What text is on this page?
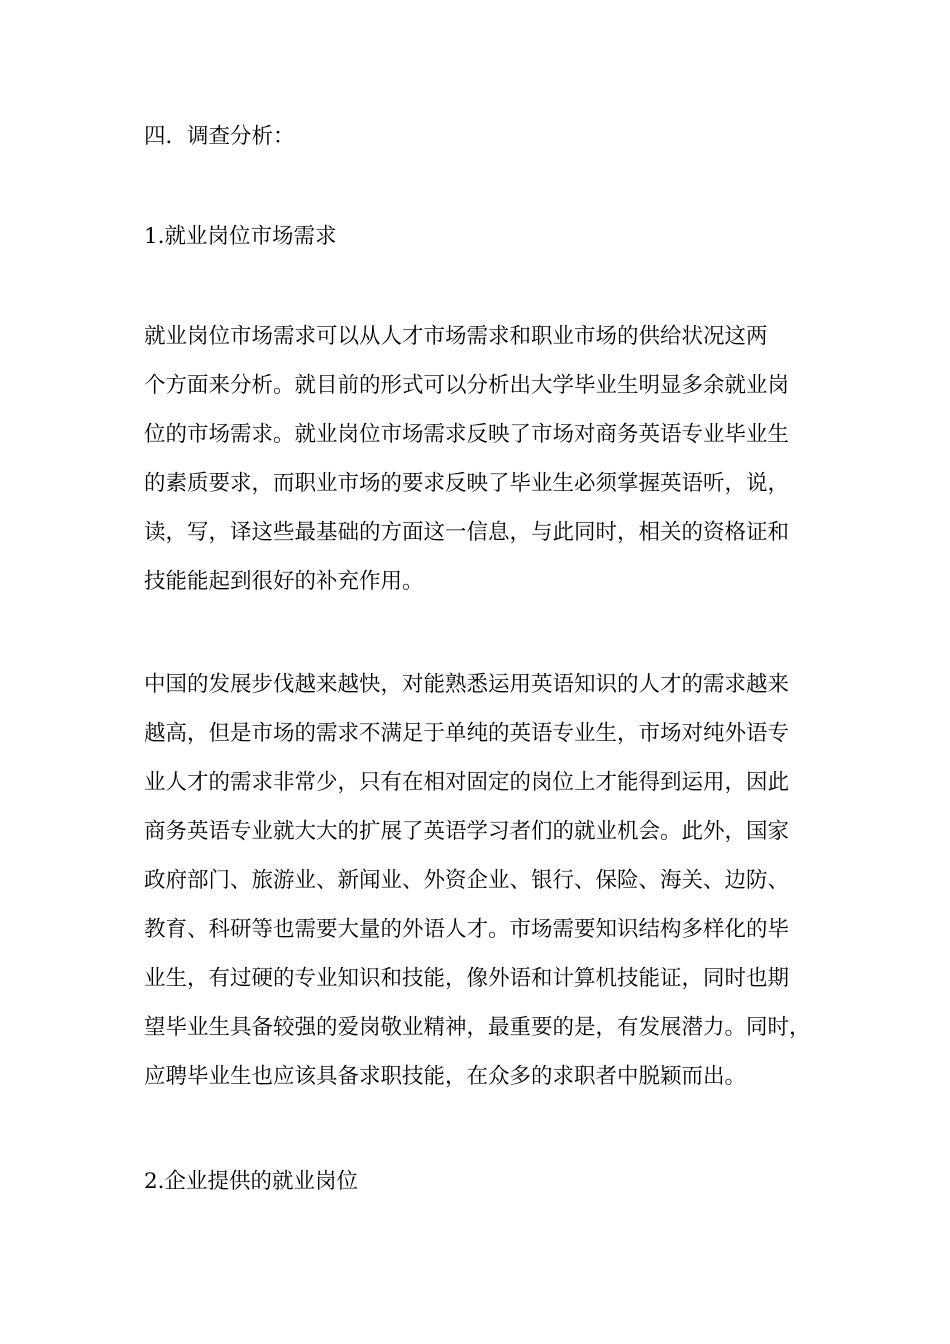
四．调查分析：
1.就业岗位市场需求
就业岗位市场需求可以从人才市场需求和职业市场的供给状况这两
个方面来分析。就目前的形式可以分析出大学毕业生明显多余就业岗
位的市场需求。就业岗位市场需求反映了市场对商务英语专业毕业生
的素质要求，而职业市场的要求反映了毕业生必须掌握英语听，说，
读，写，译这些最基础的方面这一信息，与此同时，相关的资格证和
技能能起到很好的补充作用。
中国的发展步伐越来越快，对能熟悉运用英语知识的人才的需求越来
越高，但是市场的需求不满足于单纯的英语专业生，市场对纯外语专
业人才的需求非常少，只有在相对固定的岗位上才能得到运用，因此
商务英语专业就大大的扩展了英语学习者们的就业机会。此外，国家
政府部门、旅游业、新闻业、外资企业、银行、保险、海关、边防、
教育、科研等也需要大量的外语人才。市场需要知识结构多样化的毕
业生，有过硬的专业知识和技能，像外语和计算机技能证，同时也期
望毕业生具备较强的爱岗敬业精神，最重要的是，有发展潜力。同时，
应聘毕业生也应该具备求职技能，在众多的求职者中脱颖而出。
2.企业提供的就业岗位
